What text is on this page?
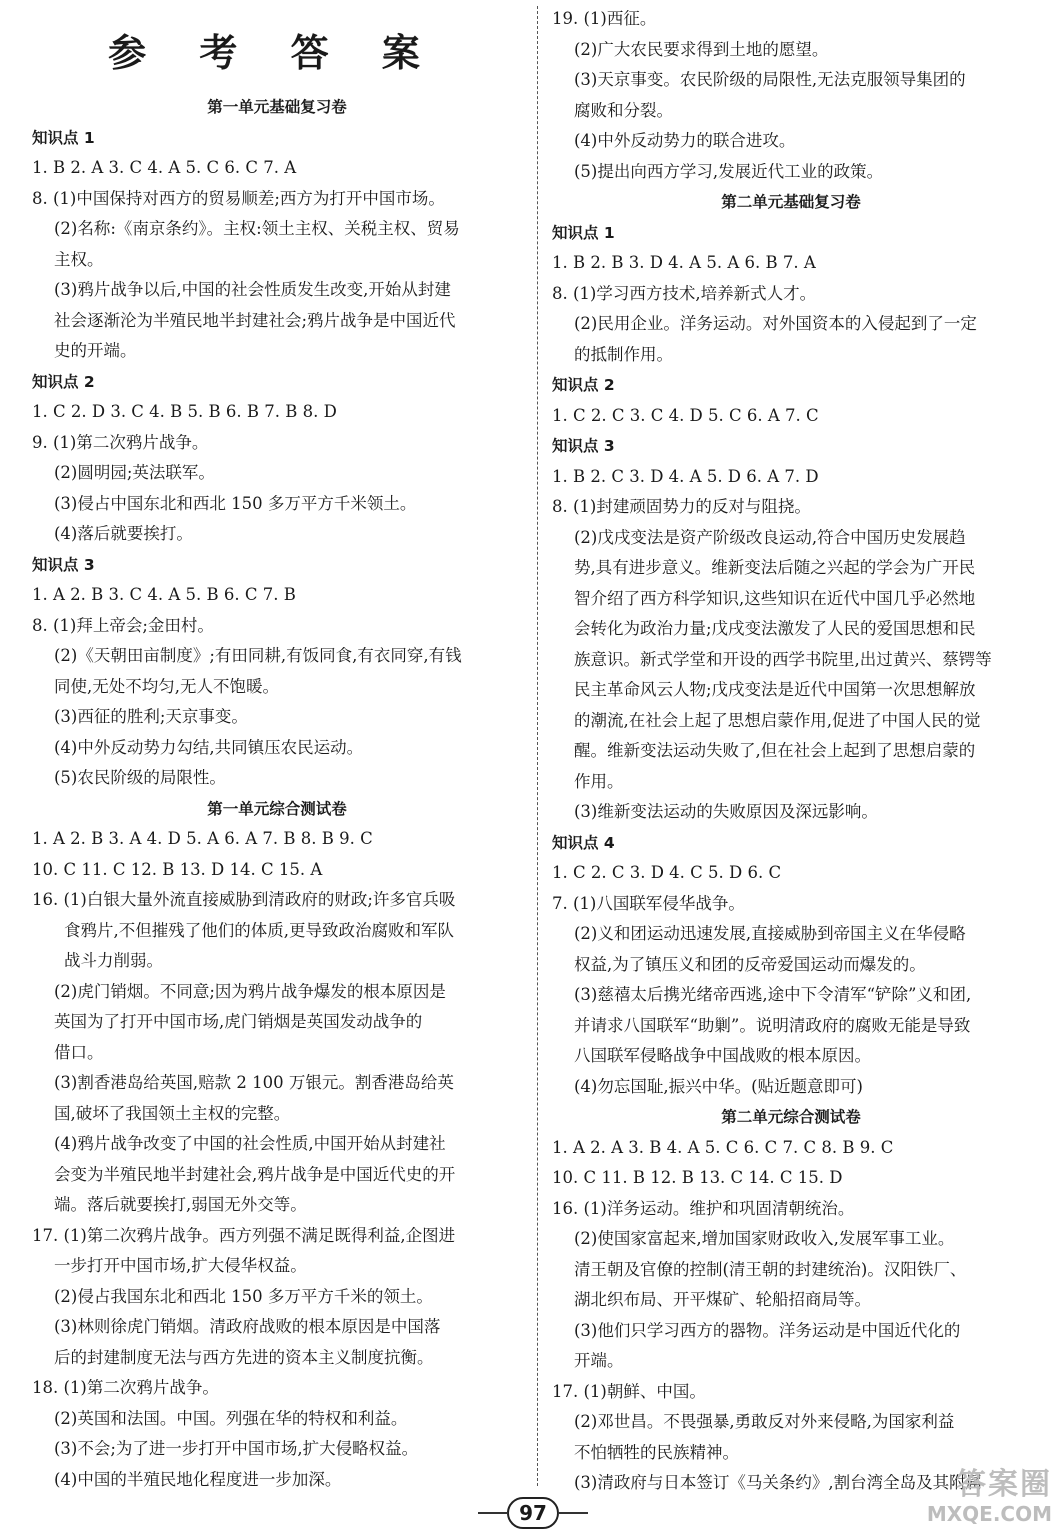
参 考 答 案
第一单元基础复习卷
知识点 1
1. B 2. A 3. C 4. A 5. C 6. C 7. A
8. (1)中国保持对西方的贸易顺差;西方为打开中国市场。
(2)名称:《南京条约》。主权:领土主权、关税主权、贸易
主权。
(3)鸦片战争以后,中国的社会性质发生改变,开始从封建
社会逐渐沦为半殖民地半封建社会;鸦片战争是中国近代
史的开端。
知识点 2
1. C 2. D 3. C 4. B 5. B 6. B 7. B 8. D
9. (1)第二次鸦片战争。
(2)圆明园;英法联军。
(3)侵占中国东北和西北 150 多万平方千米领土。
(4)落后就要挨打。
知识点 3
1. A 2. B 3. C 4. A 5. B 6. C 7. B
8. (1)拜上帝会;金田村。
(2)《天朝田亩制度》;有田同耕,有饭同食,有衣同穿,有钱
同使,无处不均匀,无人不饱暖。
(3)西征的胜利;天京事变。
(4)中外反动势力勾结,共同镇压农民运动。
(5)农民阶级的局限性。
第一单元综合测试卷
1. A 2. B 3. A 4. D 5. A 6. A 7. B 8. B 9. C
10. C 11. C 12. B 13. D 14. C 15. A
16. (1)白银大量外流直接威胁到清政府的财政;许多官兵吸
食鸦片,不但摧残了他们的体质,更导致政治腐败和军队
战斗力削弱。
(2)虎门销烟。不同意;因为鸦片战争爆发的根本原因是
英国为了打开中国市场,虎门销烟是英国发动战争的
借口。
(3)割香港岛给英国,赔款 2 100 万银元。割香港岛给英
国,破坏了我国领土主权的完整。
(4)鸦片战争改变了中国的社会性质,中国开始从封建社
会变为半殖民地半封建社会,鸦片战争是中国近代史的开
端。落后就要挨打,弱国无外交等。
17. (1)第二次鸦片战争。西方列强不满足既得利益,企图进
一步打开中国市场,扩大侵华权益。
(2)侵占我国东北和西北 150 多万平方千米的领土。
(3)林则徐虎门销烟。清政府战败的根本原因是中国落
后的封建制度无法与西方先进的资本主义制度抗衡。
18. (1)第二次鸦片战争。
(2)英国和法国。中国。列强在华的特权和利益。
(3)不会;为了进一步打开中国市场,扩大侵略权益。
(4)中国的半殖民地化程度进一步加深。
19. (1)西征。
(2)广大农民要求得到土地的愿望。
(3)天京事变。农民阶级的局限性,无法克服领导集团的
腐败和分裂。
(4)中外反动势力的联合进攻。
(5)提出向西方学习,发展近代工业的政策。
第二单元基础复习卷
知识点 1
1. B 2. B 3. D 4. A 5. A 6. B 7. A
8. (1)学习西方技术,培养新式人才。
(2)民用企业。洋务运动。对外国资本的入侵起到了一定
的抵制作用。
知识点 2
1. C 2. C 3. C 4. D 5. C 6. A 7. C
知识点 3
1. B 2. C 3. D 4. A 5. D 6. A 7. D
8. (1)封建顽固势力的反对与阻挠。
(2)戊戌变法是资产阶级改良运动,符合中国历史发展趋
势,具有进步意义。维新变法后随之兴起的学会为广开民
智介绍了西方科学知识,这些知识在近代中国几乎必然地
会转化为政治力量;戊戌变法激发了人民的爱国思想和民
族意识。新式学堂和开设的西学书院里,出过黄兴、蔡锷等
民主革命风云人物;戊戌变法是近代中国第一次思想解放
的潮流,在社会上起了思想启蒙作用,促进了中国人民的觉
醒。维新变法运动失败了,但在社会上起到了思想启蒙的
作用。
(3)维新变法运动的失败原因及深远影响。
知识点 4
1. C 2. C 3. D 4. C 5. D 6. C
7. (1)八国联军侵华战争。
(2)义和团运动迅速发展,直接威胁到帝国主义在华侵略
权益,为了镇压义和团的反帝爱国运动而爆发的。
(3)慈禧太后携光绪帝西逃,途中下令清军“铲除”义和团,
并请求八国联军“助剿”。说明清政府的腐败无能是导致
八国联军侵略战争中国战败的根本原因。
(4)勿忘国耻,振兴中华。(贴近题意即可)
第二单元综合测试卷
1. A 2. A 3. B 4. A 5. C 6. C 7. C 8. B 9. C
10. C 11. B 12. B 13. C 14. C 15. D
16. (1)洋务运动。维护和巩固清朝统治。
(2)使国家富起来,增加国家财政收入,发展军事工业。
清王朝及官僚的控制(清王朝的封建统治)。汉阳铁厂、
湖北织布局、开平煤矿、轮船招商局等。
(3)他们只学习西方的器物。洋务运动是中国近代化的
开端。
17. (1)朝鲜、中国。
(2)邓世昌。不畏强暴,勇敢反对外来侵略,为国家利益
不怕牺牲的民族精神。
(3)清政府与日本签订《马关条约》,割台湾全岛及其附属
97
答案圈
MXQE.COM
